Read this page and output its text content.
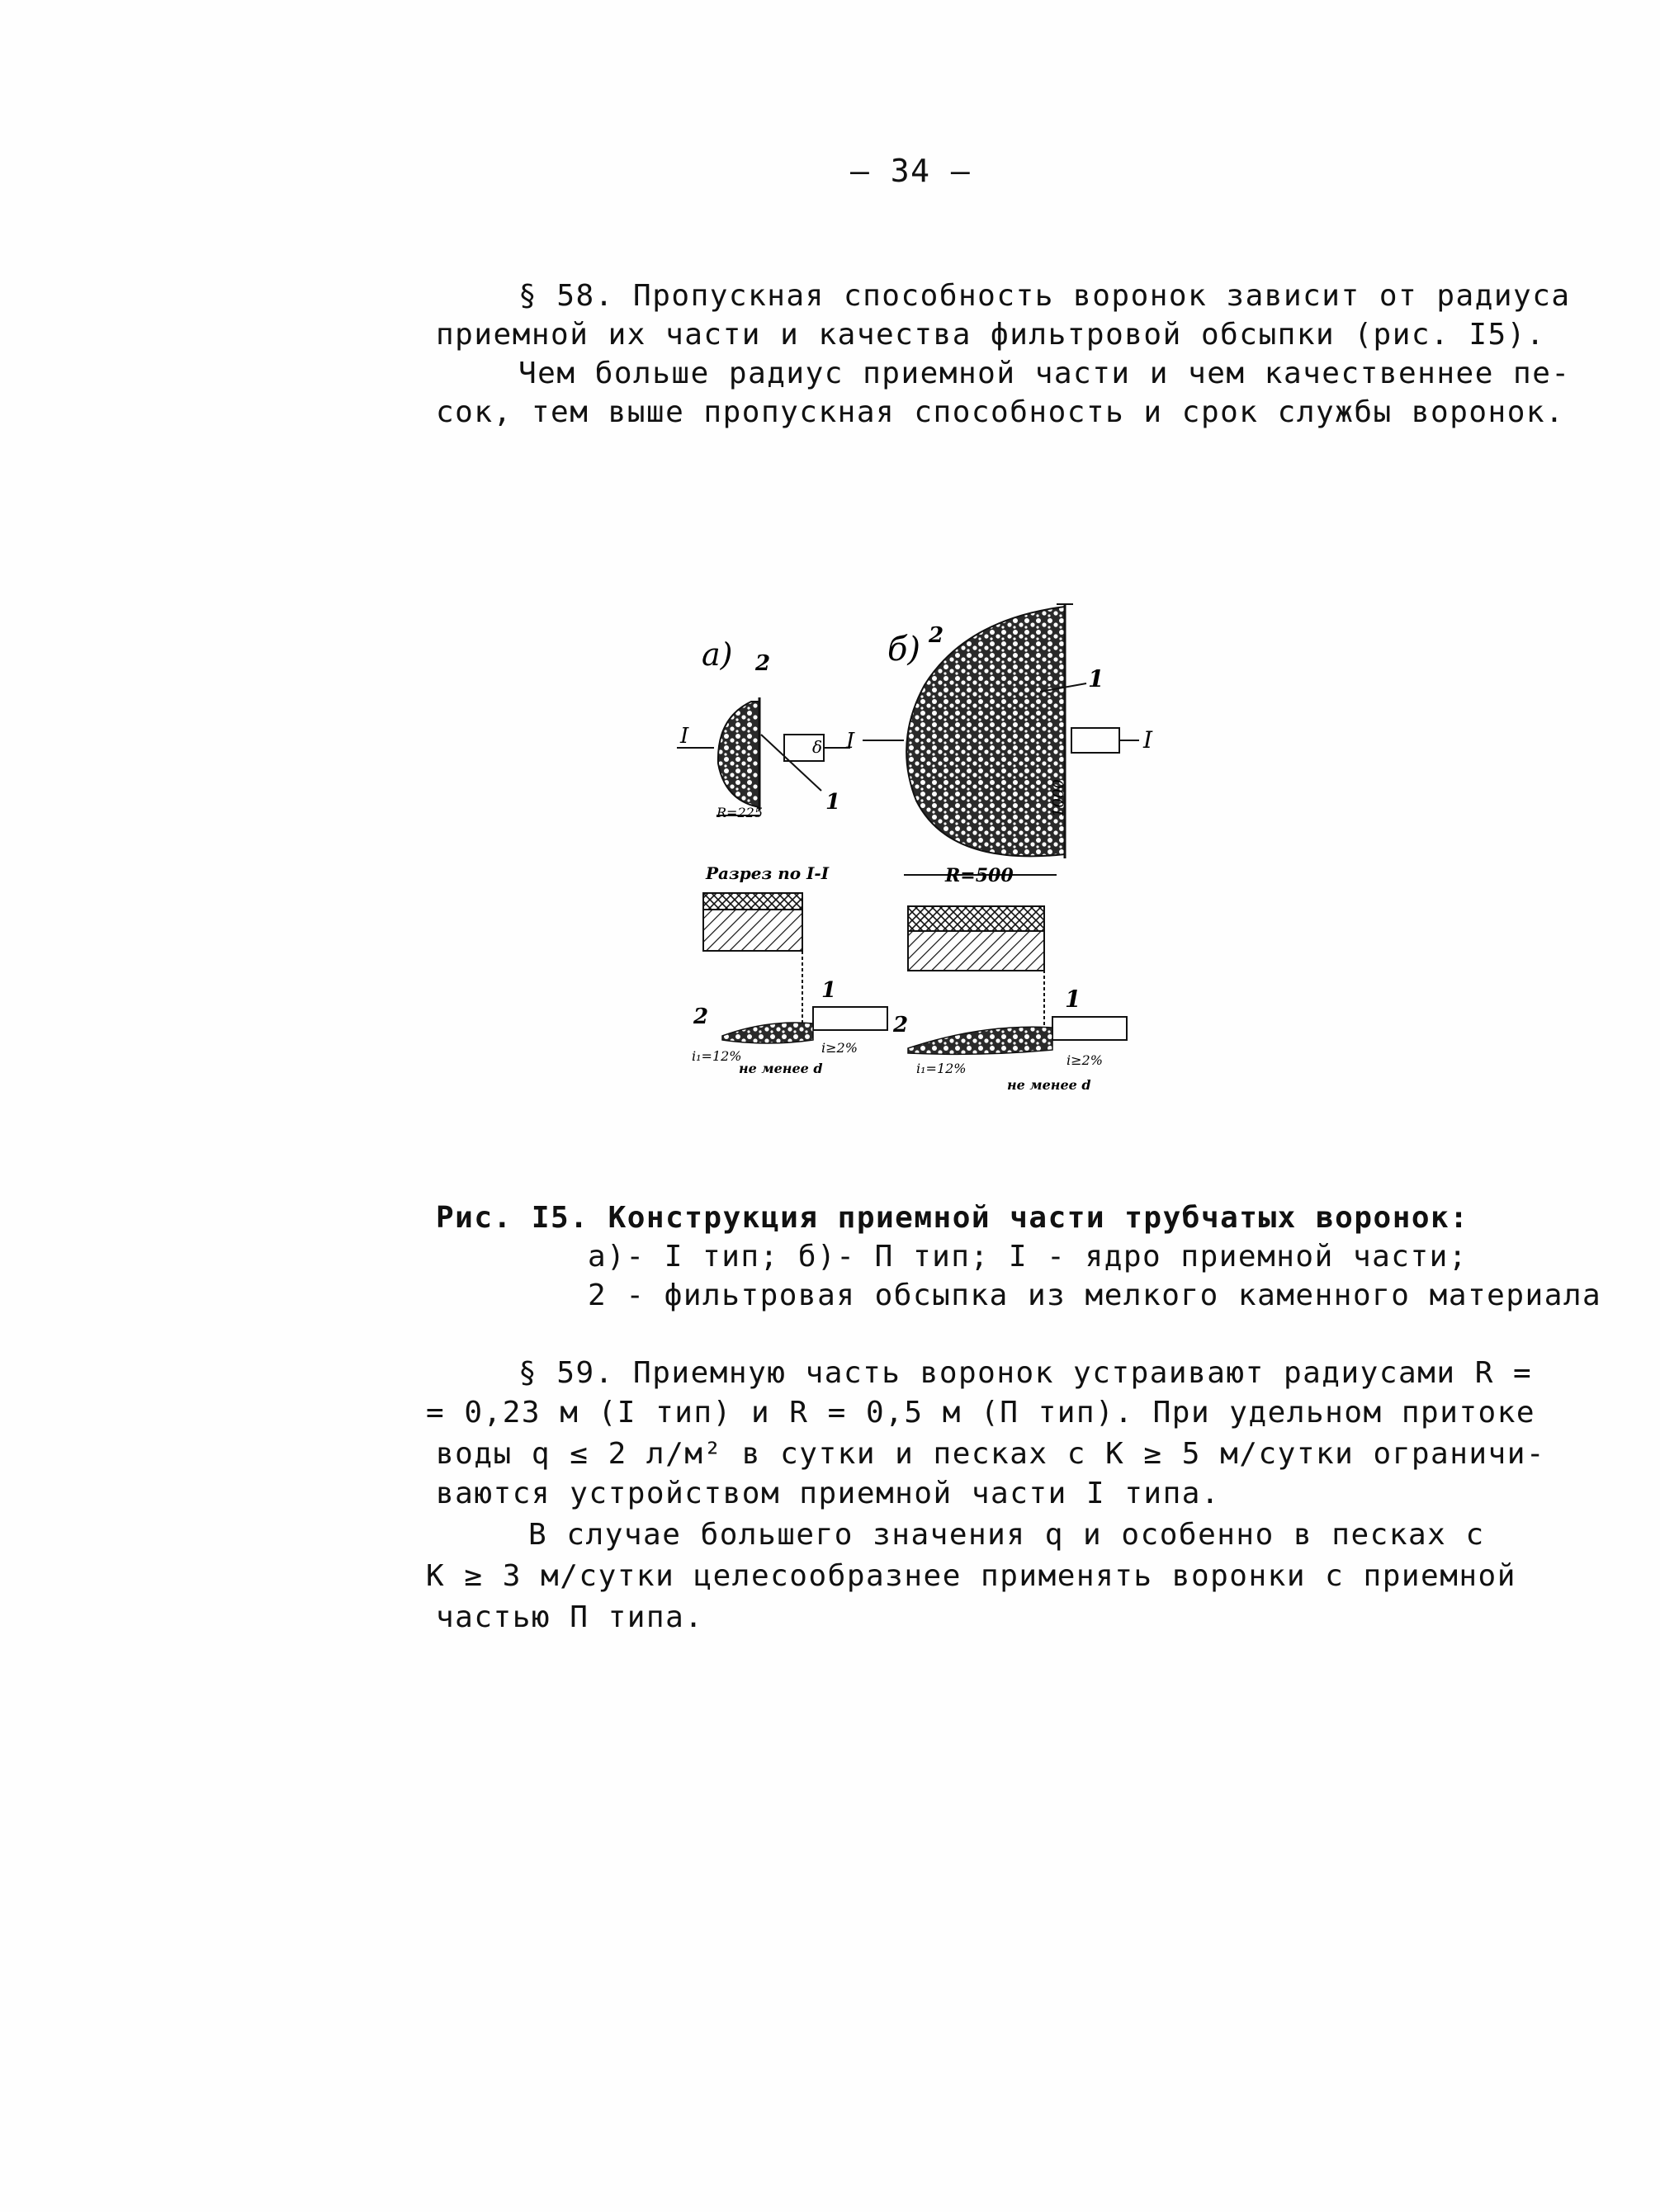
— 34 —
§ 58. Пропускная способность воронок зависит от радиуса
приемной их части и качества фильтровой обсыпки (рис. I5).
Чем больше радиус приемной части и чем качественнее пе-
сок, тем выше пропускная способность и срок службы воронок.
а) 2
δ
I
1
R=225
б) 2
I
I
1
1000
R=500
Разрез по I-I
2
1
i₁=12%
i≥2%
не менее d
2
1
i₁=12%
i≥2%
не менее d
Рис. I5. Конструкция приемной части трубчатых воронок:
а)- I тип; б)- П тип; I - ядро приемной части;
2 - фильтровая обсыпка из мелкого каменного материала
§ 59. Приемную часть воронок устраивают радиусами R =
= 0,23 м (I тип) и R = 0,5 м (П тип). При удельном притоке
воды q ≤ 2 л/м² в сутки и песках с К ≥ 5 м/сутки ограничи-
ваются устройством приемной части I типа.
В случае большего значения q и особенно в песках с
К ≥ 3 м/сутки целесообразнее применять воронки с приемной
частью П типа.
